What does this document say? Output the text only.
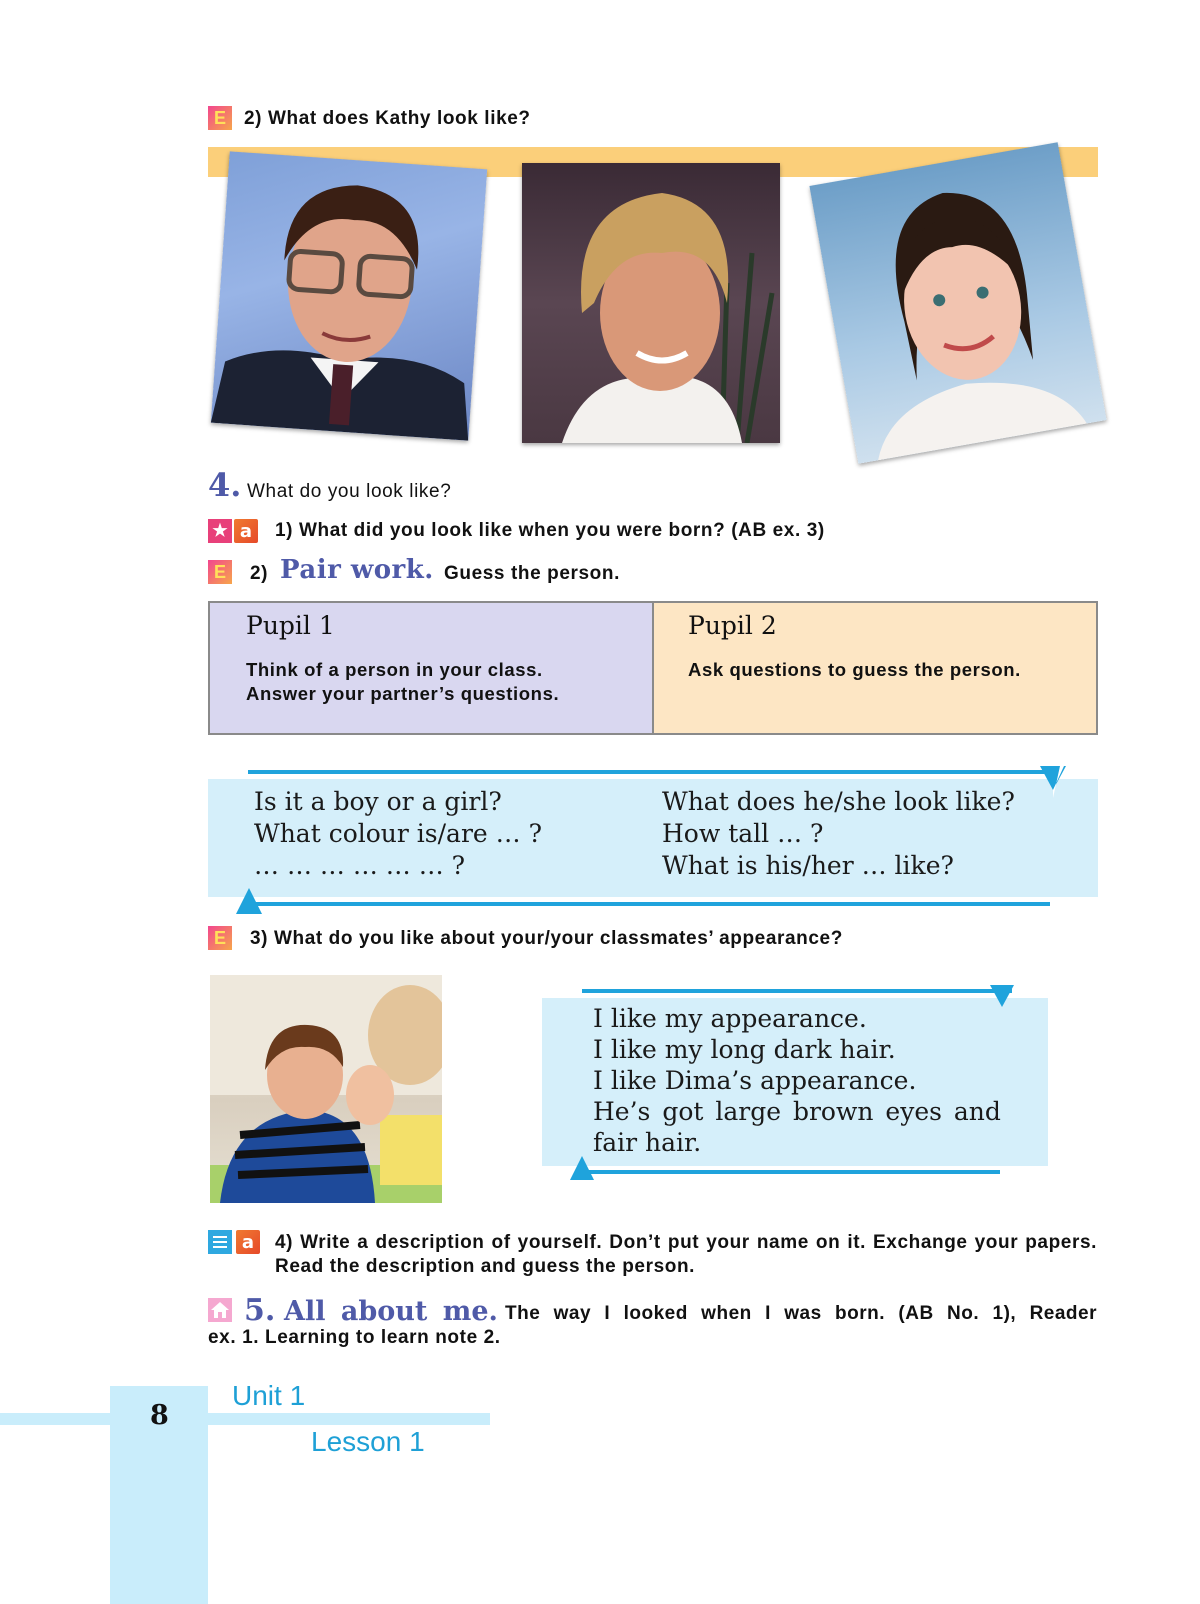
E 2) What does Kathy look like?
4. What do you look like?
★ a	1) What did you look like when you were born? (AB ex. 3)
E	2) Pair work. Guess the person.
Pupil 1
Think of a person in your class.
Answer your partner’s questions.
Pupil 2
Ask questions to guess the person.
Is it a boy or a girl?
What colour is/are … ?
… … … … … … ?
What does he/she look like?
How tall … ?
What is his/her … like?
E	3) What do you like about your/your classmates’ appearance?
I like my appearance.
I like my long dark hair.
I like Dima’s appearance.
He’s got large brown eyes and
fair hair.
a	4) Write a description of yourself. Don’t put your name on it. Exchange your papers. Read the description and guess the person.
5. All about me. The way I looked when I was born. (AB No. 1), Reader
ex. 1. Learning to learn note 2.
8
Unit 1
Lesson 1
